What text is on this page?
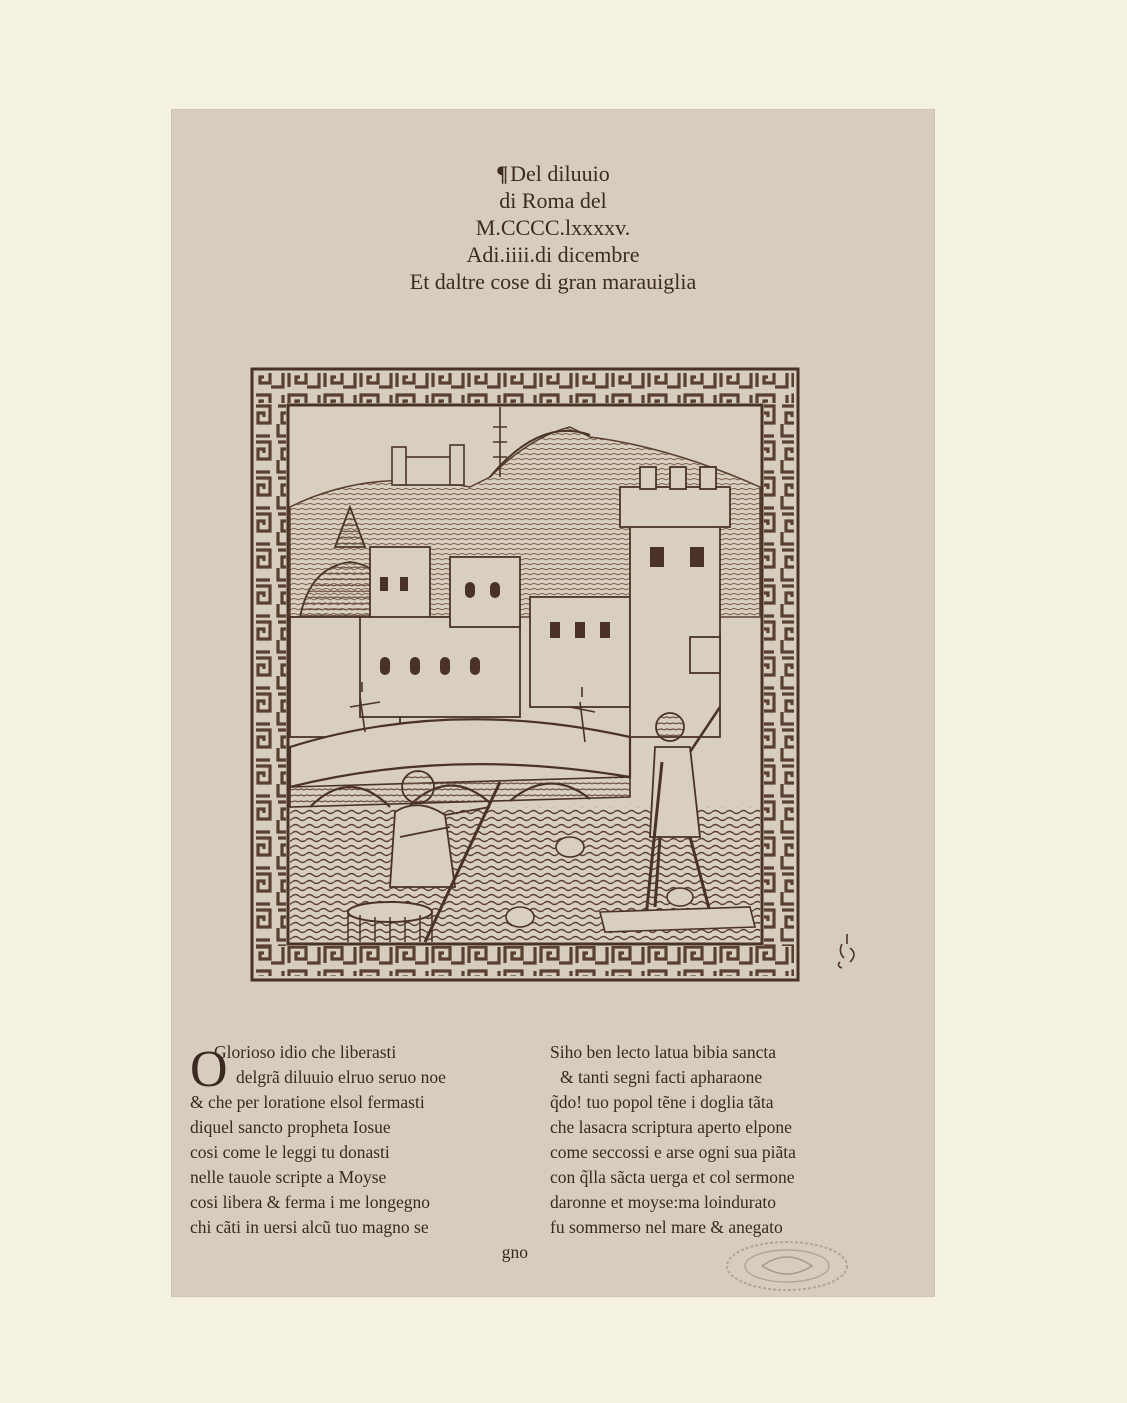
¶Del diluuio
di Roma del
M.CCCC.lxxxxv.
Adi.iiii.di dicembre
Et daltre cose di gran marauiglia
O
Glorioso idio che liberasti
delgrã diluuio elruo seruo noe
& che per loratione elsol fermasti
diquel sancto propheta Iosue
cosi come le leggi tu donasti
nelle tauole scripte a Moyse
cosi libera & ferma i me longegno
chi cãti in uersi alcũ tuo magno se
gno
Siho ben lecto latua bibia sancta
& tanti segni facti apharaone
q̃do! tuo popol tẽne i doglia tãta
che lasacra scriptura aperto elpone
come seccossi e arse ogni sua piãta
con q̃lla sãcta uerga et col sermone
daronne et moyse:ma loindurato
fu sommerso nel mare & anegato
